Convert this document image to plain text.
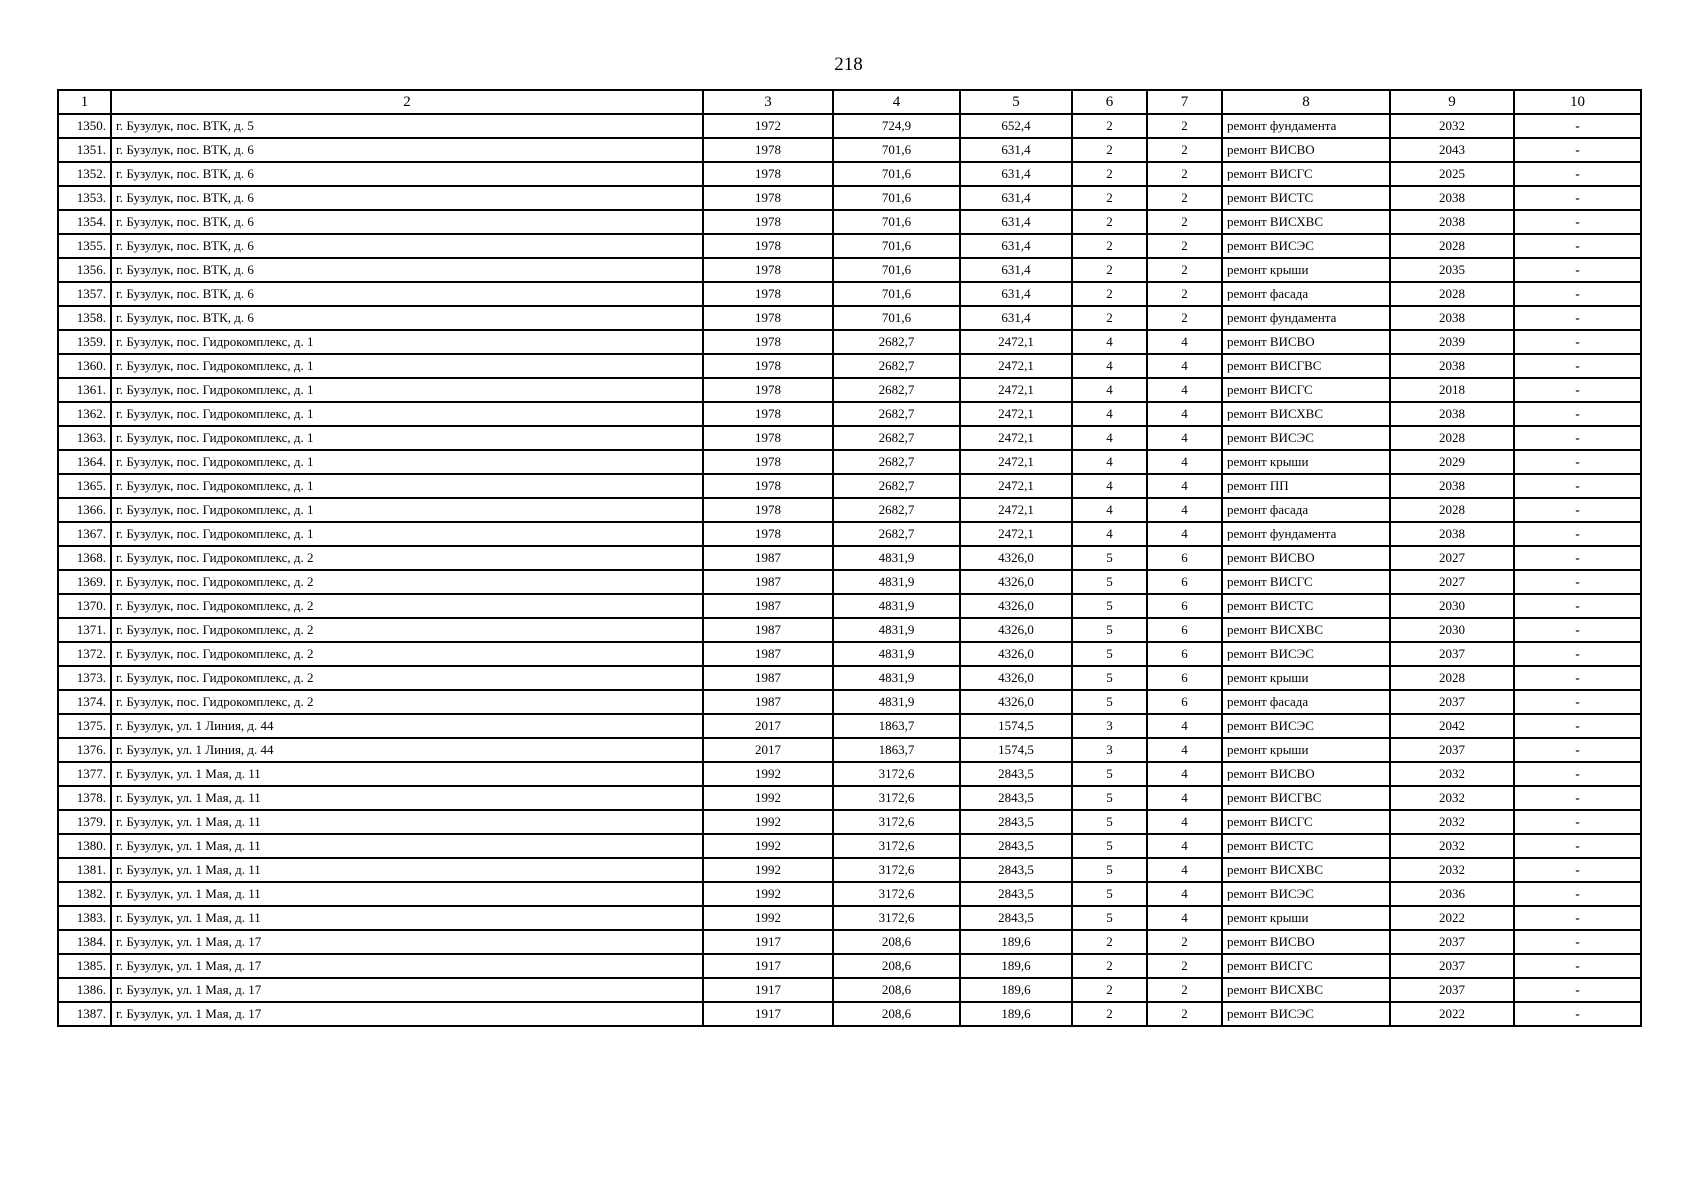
218
1	2	3	4	5	6	7	8	9	10
1350.	г. Бузулук, пос. ВТК, д. 5	1972	724,9	652,4	2	2	ремонт фундамента	2032	-
1351.	г. Бузулук, пос. ВТК, д. 6	1978	701,6	631,4	2	2	ремонт ВИСВО	2043	-
1352.	г. Бузулук, пос. ВТК, д. 6	1978	701,6	631,4	2	2	ремонт ВИСГС	2025	-
1353.	г. Бузулук, пос. ВТК, д. 6	1978	701,6	631,4	2	2	ремонт ВИСТС	2038	-
1354.	г. Бузулук, пос. ВТК, д. 6	1978	701,6	631,4	2	2	ремонт ВИСХВС	2038	-
1355.	г. Бузулук, пос. ВТК, д. 6	1978	701,6	631,4	2	2	ремонт ВИСЭС	2028	-
1356.	г. Бузулук, пос. ВТК, д. 6	1978	701,6	631,4	2	2	ремонт крыши	2035	-
1357.	г. Бузулук, пос. ВТК, д. 6	1978	701,6	631,4	2	2	ремонт фасада	2028	-
1358.	г. Бузулук, пос. ВТК, д. 6	1978	701,6	631,4	2	2	ремонт фундамента	2038	-
1359.	г. Бузулук, пос. Гидрокомплекс, д. 1	1978	2682,7	2472,1	4	4	ремонт ВИСВО	2039	-
1360.	г. Бузулук, пос. Гидрокомплекс, д. 1	1978	2682,7	2472,1	4	4	ремонт ВИСГВС	2038	-
1361.	г. Бузулук, пос. Гидрокомплекс, д. 1	1978	2682,7	2472,1	4	4	ремонт ВИСГС	2018	-
1362.	г. Бузулук, пос. Гидрокомплекс, д. 1	1978	2682,7	2472,1	4	4	ремонт ВИСХВС	2038	-
1363.	г. Бузулук, пос. Гидрокомплекс, д. 1	1978	2682,7	2472,1	4	4	ремонт ВИСЭС	2028	-
1364.	г. Бузулук, пос. Гидрокомплекс, д. 1	1978	2682,7	2472,1	4	4	ремонт крыши	2029	-
1365.	г. Бузулук, пос. Гидрокомплекс, д. 1	1978	2682,7	2472,1	4	4	ремонт ПП	2038	-
1366.	г. Бузулук, пос. Гидрокомплекс, д. 1	1978	2682,7	2472,1	4	4	ремонт фасада	2028	-
1367.	г. Бузулук, пос. Гидрокомплекс, д. 1	1978	2682,7	2472,1	4	4	ремонт фундамента	2038	-
1368.	г. Бузулук, пос. Гидрокомплекс, д. 2	1987	4831,9	4326,0	5	6	ремонт ВИСВО	2027	-
1369.	г. Бузулук, пос. Гидрокомплекс, д. 2	1987	4831,9	4326,0	5	6	ремонт ВИСГС	2027	-
1370.	г. Бузулук, пос. Гидрокомплекс, д. 2	1987	4831,9	4326,0	5	6	ремонт ВИСТС	2030	-
1371.	г. Бузулук, пос. Гидрокомплекс, д. 2	1987	4831,9	4326,0	5	6	ремонт ВИСХВС	2030	-
1372.	г. Бузулук, пос. Гидрокомплекс, д. 2	1987	4831,9	4326,0	5	6	ремонт ВИСЭС	2037	-
1373.	г. Бузулук, пос. Гидрокомплекс, д. 2	1987	4831,9	4326,0	5	6	ремонт крыши	2028	-
1374.	г. Бузулук, пос. Гидрокомплекс, д. 2	1987	4831,9	4326,0	5	6	ремонт фасада	2037	-
1375.	г. Бузулук, ул. 1 Линия, д. 44	2017	1863,7	1574,5	3	4	ремонт ВИСЭС	2042	-
1376.	г. Бузулук, ул. 1 Линия, д. 44	2017	1863,7	1574,5	3	4	ремонт крыши	2037	-
1377.	г. Бузулук, ул. 1 Мая, д. 11	1992	3172,6	2843,5	5	4	ремонт ВИСВО	2032	-
1378.	г. Бузулук, ул. 1 Мая, д. 11	1992	3172,6	2843,5	5	4	ремонт ВИСГВС	2032	-
1379.	г. Бузулук, ул. 1 Мая, д. 11	1992	3172,6	2843,5	5	4	ремонт ВИСГС	2032	-
1380.	г. Бузулук, ул. 1 Мая, д. 11	1992	3172,6	2843,5	5	4	ремонт ВИСТС	2032	-
1381.	г. Бузулук, ул. 1 Мая, д. 11	1992	3172,6	2843,5	5	4	ремонт ВИСХВС	2032	-
1382.	г. Бузулук, ул. 1 Мая, д. 11	1992	3172,6	2843,5	5	4	ремонт ВИСЭС	2036	-
1383.	г. Бузулук, ул. 1 Мая, д. 11	1992	3172,6	2843,5	5	4	ремонт крыши	2022	-
1384.	г. Бузулук, ул. 1 Мая, д. 17	1917	208,6	189,6	2	2	ремонт ВИСВО	2037	-
1385.	г. Бузулук, ул. 1 Мая, д. 17	1917	208,6	189,6	2	2	ремонт ВИСГС	2037	-
1386.	г. Бузулук, ул. 1 Мая, д. 17	1917	208,6	189,6	2	2	ремонт ВИСХВС	2037	-
1387.	г. Бузулук, ул. 1 Мая, д. 17	1917	208,6	189,6	2	2	ремонт ВИСЭС	2022	-
